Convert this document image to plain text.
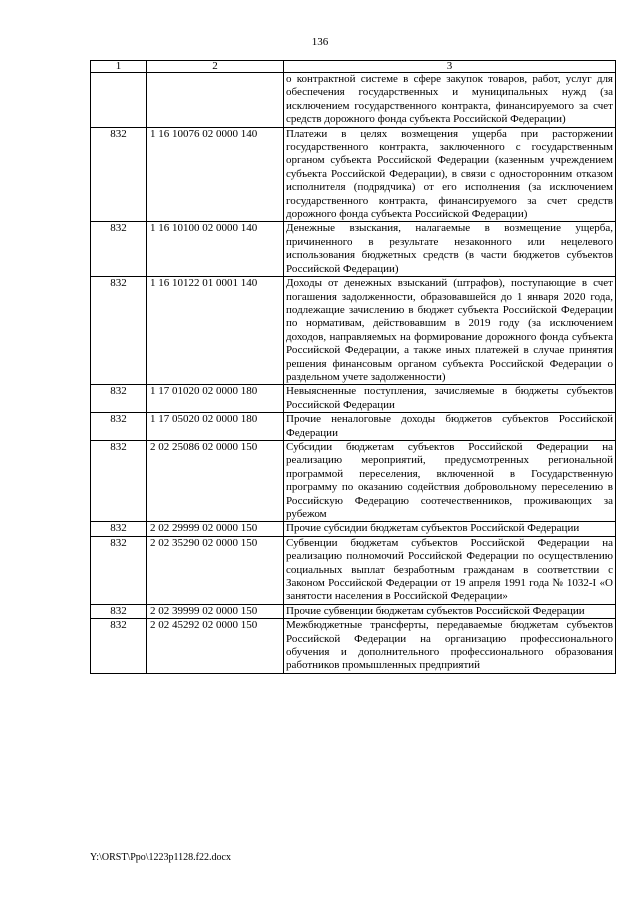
136
1	2	3
		о контрактной системе в сфере закупок товаров, работ, услуг для обеспечения государственных и муниципальных нужд (за исключением государственного контракта, финансируемого за счет средств дорожного фонда субъекта Российской Федерации)
832	1 16 10076 02 0000 140	Платежи в целях возмещения ущерба при расторжении государственного контракта, заключенного с государственным органом субъекта Российской Федерации (казенным учреждением субъекта Российской Федерации), в связи с односторонним отказом исполнителя (подрядчика) от его исполнения (за исключением государственного контракта, финансируемого за счет средств дорожного фонда субъекта Российской Федерации)
832	1 16 10100 02 0000 140	Денежные взыскания, налагаемые в возмещение ущерба, причиненного в результате незаконного или нецелевого использования бюджетных средств (в части бюджетов субъектов Российской Федерации)
832	1 16 10122 01 0001 140	Доходы от денежных взысканий (штрафов), поступающие в счет погашения задолженности, образовавшейся до 1 января 2020 года, подлежащие зачислению в бюджет субъекта Российской Федерации по нормативам, действовавшим в 2019 году (за исключением доходов, направляемых на формирование дорожного фонда субъекта Российской Федерации, а также иных платежей в случае принятия решения финансовым органом субъекта Российской Федерации о раздельном учете задолженности)
832	1 17 01020 02 0000 180	Невыясненные поступления, зачисляемые в бюджеты субъектов Российской Федерации
832	1 17 05020 02 0000 180	Прочие неналоговые доходы бюджетов субъектов Российской Федерации
832	2 02 25086 02 0000 150	Субсидии бюджетам субъектов Российской Федерации на реализацию мероприятий, предусмотренных региональной программой переселения, включенной в Государственную программу по оказанию содействия добровольному переселению в Российскую Федерацию соотечественников, проживающих за рубежом
832	2 02 29999 02 0000 150	Прочие субсидии бюджетам субъектов Российской Федерации
832	2 02 35290 02 0000 150	Субвенции бюджетам субъектов Российской Федерации на реализацию полномочий Российской Федерации по осуществлению социальных выплат безработным гражданам в соответствии с Законом Российской Федерации от 19 апреля 1991 года № 1032-I «О занятости населения в Российской Федерации»
832	2 02 39999 02 0000 150	Прочие субвенции бюджетам субъектов Российской Федерации
832	2 02 45292 02 0000 150	Межбюджетные трансферты, передаваемые бюджетам субъектов Российской Федерации на организацию профессионального обучения и дополнительного профессионального образования работников промышленных предприятий
Y:\ORST\Ppo\1223p1128.f22.docx
